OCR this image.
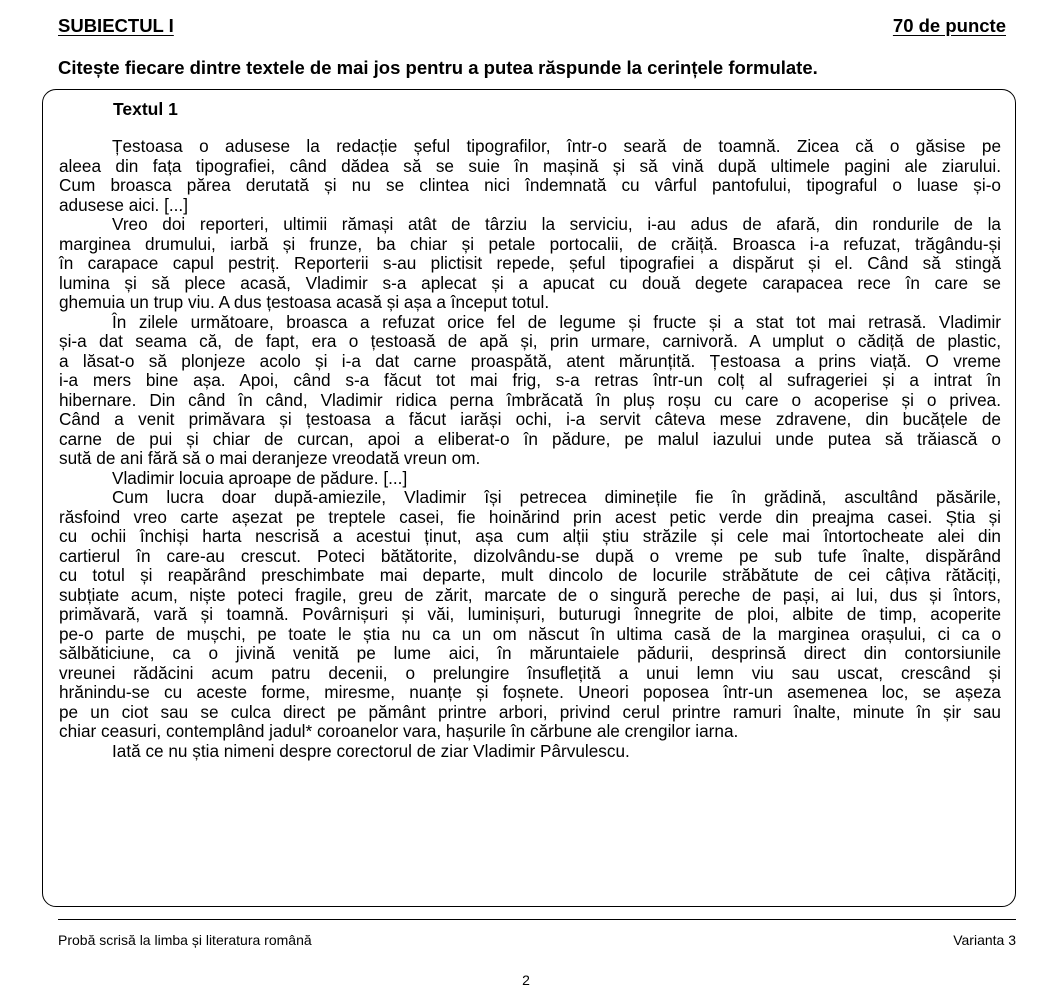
SUBIECTUL I	70 de puncte
Citește fiecare dintre textele de mai jos pentru a putea răspunde la cerințele formulate.
Textul 1
Țestoasa o adusese la redacție șeful tipografilor, într-o seară de toamnă. Zicea că o găsise pe
aleea din fața tipografiei, când dădea să se suie în mașină și să vină după ultimele pagini ale ziarului.
Cum broasca părea derutată și nu se clintea nici îndemnată cu vârful pantofului, tipograful o luase și-o
adusese aici. [...]
Vreo doi reporteri, ultimii rămași atât de târziu la serviciu, i-au adus de afară, din rondurile de la
marginea drumului, iarbă și frunze, ba chiar și petale portocalii, de crăiță. Broasca i-a refuzat, trăgându-și
în carapace capul pestriț. Reporterii s-au plictisit repede, șeful tipografiei a dispărut și el. Când să stingă
lumina și să plece acasă, Vladimir s-a aplecat și a apucat cu două degete carapacea rece în care se
ghemuia un trup viu. A dus țestoasa acasă și așa a început totul.
În zilele următoare, broasca a refuzat orice fel de legume și fructe și a stat tot mai retrasă. Vladimir
și-a dat seama că, de fapt, era o țestoasă de apă și, prin urmare, carnivoră. A umplut o cădiță de plastic,
a lăsat-o să plonjeze acolo și i-a dat carne proaspătă, atent mărunțită. Țestoasa a prins viață. O vreme
i-a mers bine așa. Apoi, când s-a făcut tot mai frig, s-a retras într-un colț al sufrageriei și a intrat în
hibernare. Din când în când, Vladimir ridica perna îmbrăcată în pluș roșu cu care o acoperise și o privea.
Când a venit primăvara și țestoasa a făcut iarăși ochi, i-a servit câteva mese zdravene, din bucățele de
carne de pui și chiar de curcan, apoi a eliberat-o în pădure, pe malul iazului unde putea să trăiască o
sută de ani fără să o mai deranjeze vreodată vreun om.
Vladimir locuia aproape de pădure. [...]
Cum lucra doar după-amiezile, Vladimir își petrecea diminețile fie în grădină, ascultând păsările,
răsfoind vreo carte așezat pe treptele casei, fie hoinărind prin acest petic verde din preajma casei. Știa și
cu ochii închiși harta nescrisă a acestui ținut, așa cum alții știu străzile și cele mai întortocheate alei din
cartierul în care-au crescut. Poteci bătătorite, dizolvându-se după o vreme pe sub tufe înalte, dispărând
cu totul și reapărând preschimbate mai departe, mult dincolo de locurile străbătute de cei câțiva rătăciți,
subțiate acum, niște poteci fragile, greu de zărit, marcate de o singură pereche de pași, ai lui, dus și întors,
primăvară, vară și toamnă. Povârnișuri și văi, luminișuri, buturugi înnegrite de ploi, albite de timp, acoperite
pe-o parte de mușchi, pe toate le știa nu ca un om născut în ultima casă de la marginea orașului, ci ca o
sălbăticiune, ca o jivină venită pe lume aici, în măruntaiele pădurii, desprinsă direct din contorsiunile
vreunei rădăcini acum patru decenii, o prelungire însuflețită a unui lemn viu sau uscat, crescând și
hrănindu-se cu aceste forme, miresme, nuanțe și foșnete. Uneori poposea într-un asemenea loc, se așeza
pe un ciot sau se culca direct pe pământ printre arbori, privind cerul printre ramuri înalte, minute în șir sau
chiar ceasuri, contemplând jadul* coroanelor vara, hașurile în cărbune ale crengilor iarna.
Iată ce nu știa nimeni despre corectorul de ziar Vladimir Pârvulescu.
Probă scrisă la limba și literatura română	Varianta 3
2
